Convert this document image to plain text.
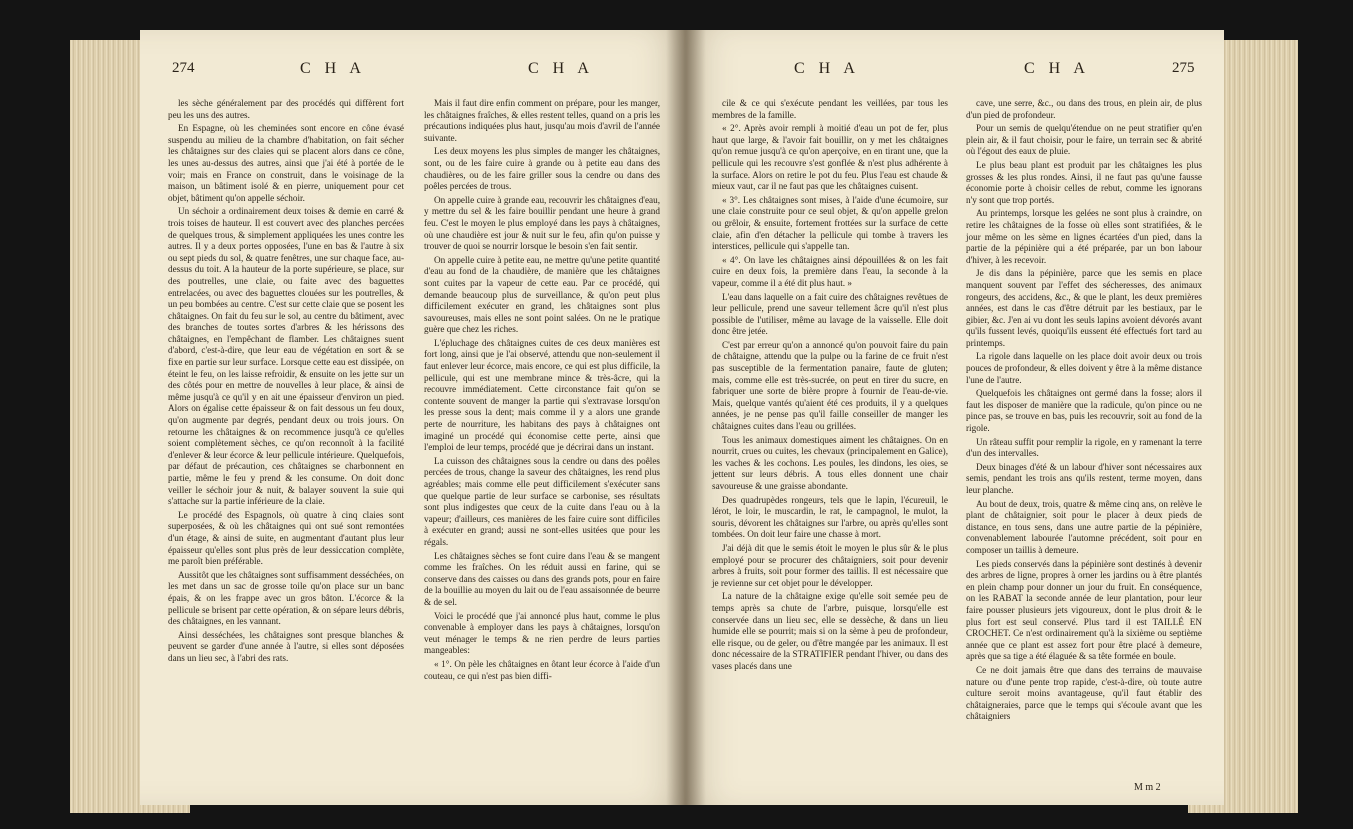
274	C H A	C H A

les sèche généralement par des procédés qui diffèrent fort peu les uns des autres.

En Espagne, où les cheminées sont encore en cône évasé suspendu au milieu de la chambre d'habitation, on fait sécher les châtaignes sur des claies qui se placent alors dans ce cône, les unes au-dessus des autres, ainsi que j'ai été à portée de le voir; mais en France on construit, dans le voisinage de la maison, un bâtiment isolé & en pierre, uniquement pour cet objet, bâtiment qu'on appelle séchoir.

Un séchoir a ordinairement deux toises & demie en carré & trois toises de hauteur. Il est couvert avec des planches percées de quelques trous, & simplement appliquées les unes contre les autres. Il y a deux portes opposées, l'une en bas & l'autre à six ou sept pieds du sol, & quatre fenêtres, une sur chaque face, au-dessus du toit. A la hauteur de la porte supérieure, se place, sur des poutrelles, une claie, ou faite avec des baguettes entrelacées, ou avec des baguettes clouées sur les poutrelles, & un peu bombées au centre. C'est sur cette claie que se posent les châtaignes. On fait du feu sur le sol, au centre du bâtiment, avec des branches de toutes sortes d'arbres & les hérissons des châtaignes, en l'empêchant de flamber. Les châtaignes suent d'abord, c'est-à-dire, que leur eau de végétation en sort & se fixe en partie sur leur surface. Lorsque cette eau est dissipée, on éteint le feu, on les laisse refroidir, & ensuite on les jette sur un des côtés pour en mettre de nouvelles à leur place, & ainsi de même jusqu'à ce qu'il y en ait une épaisseur d'environ un pied. Alors on égalise cette épaisseur & on fait dessous un feu doux, qu'on augmente par degrés, pendant deux ou trois jours. On retourne les châtaignes & on recommence jusqu'à ce qu'elles soient complètement sèches, ce qu'on reconnoît à la facilité d'enlever & leur écorce & leur pellicule intérieure. Quelquefois, par défaut de précaution, ces châtaignes se charbonnent en partie, même le feu y prend & les consume. On doit donc veiller le séchoir jour & nuit, & balayer souvent la suie qui s'attache sur la partie inférieure de la claie.

Le procédé des Espagnols, où quatre à cinq claies sont superposées, & où les châtaignes qui ont sué sont remontées d'un étage, & ainsi de suite, en augmentant d'autant plus leur épaisseur qu'elles sont plus près de leur dessiccation complète, me paroît bien préférable.

Aussitôt que les châtaignes sont suffisamment desséchées, on les met dans un sac de grosse toile qu'on place sur un banc épais, & on les frappe avec un gros bâton. L'écorce & la pellicule se brisent par cette opération, & on sépare leurs débris, des châtaignes, en les vannant.

Ainsi desséchées, les châtaignes sont presque blanches & peuvent se garder d'une année à l'autre, si elles sont déposées dans un lieu sec, à l'abri des rats.

Mais il faut dire enfin comment on prépare, pour les manger, les châtaignes fraîches, & elles restent telles, quand on a pris les précautions indiquées plus haut, jusqu'au mois d'avril de l'année suivante.

Les deux moyens les plus simples de manger les châtaignes, sont, ou de les faire cuire à grande ou à petite eau dans des chaudières, ou de les faire griller sous la cendre ou dans des poêles percées de trous.

On appelle cuire à grande eau, recouvrir les châtaignes d'eau, y mettre du sel & les faire bouillir pendant une heure à grand feu. C'est le moyen le plus employé dans les pays à châtaignes, où une chaudière est jour & nuit sur le feu, afin qu'on puisse y trouver de quoi se nourrir lorsque le besoin s'en fait sentir.

On appelle cuire à petite eau, ne mettre qu'une petite quantité d'eau au fond de la chaudière, de manière que les châtaignes sont cuites par la vapeur de cette eau. Par ce procédé, qui demande beaucoup plus de surveillance, & qu'on peut plus difficilement exécuter en grand, les châtaignes sont plus savoureuses, mais elles ne sont point salées. On ne le pratique guère que chez les riches.

L'épluchage des châtaignes cuites de ces deux manières est fort long, ainsi que je l'ai observé, attendu que non-seulement il faut enlever leur écorce, mais encore, ce qui est plus difficile, la pellicule, qui est une membrane mince & très-âcre, qui la recouvre immédiatement. Cette circonstance fait qu'on se contente souvent de manger la partie qui s'extravase lorsqu'on les presse sous la dent; mais comme il y a alors une grande perte de nourriture, les habitans des pays à châtaignes ont imaginé un procédé qui économise cette perte, ainsi que l'emploi de leur temps, procédé que je décrirai dans un instant.

La cuisson des châtaignes sous la cendre ou dans des poêles percées de trous, change la saveur des châtaignes, les rend plus agréables; mais comme elle peut difficilement s'exécuter sans que quelque partie de leur surface se carbonise, ses résultats sont plus indigestes que ceux de la cuite dans l'eau ou à la vapeur; d'ailleurs, ces manières de les faire cuire sont difficiles à exécuter en grand; aussi ne sont-elles usitées que pour les régals.

Les châtaignes sèches se font cuire dans l'eau & se mangent comme les fraîches. On les réduit aussi en farine, qui se conserve dans des caisses ou dans des grands pots, pour en faire de la bouillie au moyen du lait ou de l'eau assaisonnée de beurre & de sel.

Voici le procédé que j'ai annoncé plus haut, comme le plus convenable à employer dans les pays à châtaignes, lorsqu'on veut ménager le temps & ne rien perdre de leurs parties mangeables:

« 1°. On pèle les châtaignes en ôtant leur écorce à l'aide d'un couteau, ce qui n'est pas bien diffi-

C H A	C H A	275

cile & ce qui s'exécute pendant les veillées, par tous les membres de la famille.

« 2°. Après avoir rempli à moitié d'eau un pot de fer, plus haut que large, & l'avoir fait bouillir, on y met les châtaignes qu'on remue jusqu'à ce qu'on aperçoive, en en tirant une, que la pellicule qui les recouvre s'est gonflée & n'est plus adhérente à la surface. Alors on retire le pot du feu. Plus l'eau est chaude & mieux vaut, car il ne faut pas que les châtaignes cuisent.

« 3°. Les châtaignes sont mises, à l'aide d'une écumoire, sur une claie construite pour ce seul objet, & qu'on appelle grelon ou grêloir, & ensuite, fortement frottées sur la surface de cette claie, afin d'en détacher la pellicule qui tombe à travers les interstices, pellicule qui s'appelle tan.

« 4°. On lave les châtaignes ainsi dépouillées & on les fait cuire en deux fois, la première dans l'eau, la seconde à la vapeur, comme il a été dit plus haut. »

L'eau dans laquelle on a fait cuire des châtaignes revêtues de leur pellicule, prend une saveur tellement âcre qu'il n'est plus possible de l'utiliser, même au lavage de la vaisselle. Elle doit donc être jetée.

C'est par erreur qu'on a annoncé qu'on pouvoit faire du pain de châtaigne, attendu que la pulpe ou la farine de ce fruit n'est pas susceptible de la fermentation panaire, faute de gluten; mais, comme elle est très-sucrée, on peut en tirer du sucre, en fabriquer une sorte de bière propre à fournir de l'eau-de-vie. Mais, quelque vantés qu'aient été ces produits, il y a quelques années, je ne pense pas qu'il faille conseiller de manger les châtaignes cuites dans l'eau ou grillées.

Tous les animaux domestiques aiment les châtaignes. On en nourrit, crues ou cuites, les chevaux (principalement en Galice), les vaches & les cochons. Les poules, les dindons, les oies, se jettent sur leurs débris. A tous elles donnent une chair savoureuse & une graisse abondante.

Des quadrupèdes rongeurs, tels que le lapin, l'écureuil, le lérot, le loir, le muscardin, le rat, le campagnol, le mulot, la souris, dévorent les châtaignes sur l'arbre, ou après qu'elles sont tombées. On doit leur faire une chasse à mort.

J'ai déjà dit que le semis étoit le moyen le plus sûr & le plus employé pour se procurer des châtaigniers, soit pour devenir arbres à fruits, soit pour former des taillis. Il est nécessaire que je revienne sur cet objet pour le développer.

La nature de la châtaigne exige qu'elle soit semée peu de temps après sa chute de l'arbre, puisque, lorsqu'elle est conservée dans un lieu sec, elle se dessèche, & dans un lieu humide elle se pourrit; mais si on la sème à peu de profondeur, elle risque, ou de geler, ou d'être mangée par les animaux. Il est donc nécessaire de la STRATIFIER pendant l'hiver, ou dans des vases placés dans une

cave, une serre, &c., ou dans des trous, en plein air, de plus d'un pied de profondeur.

Pour un semis de quelqu'étendue on ne peut stratifier qu'en plein air, & il faut choisir, pour le faire, un terrain sec & abrité où l'égout des eaux de pluie.

Le plus beau plant est produit par les châtaignes les plus grosses & les plus rondes. Ainsi, il ne faut pas qu'une fausse économie porte à choisir celles de rebut, comme les ignorans n'y sont que trop portés.

Au printemps, lorsque les gelées ne sont plus à craindre, on retire les châtaignes de la fosse où elles sont stratifiées, & le jour même on les sème en lignes écartées d'un pied, dans la partie de la pépinière qui a été préparée, par un bon labour d'hiver, à les recevoir.

Je dis dans la pépinière, parce que les semis en place manquent souvent par l'effet des sécheresses, des animaux rongeurs, des accidens, &c., & que le plant, les deux premières années, est dans le cas d'être détruit par les bestiaux, par le gibier, &c. J'en ai vu dont les seuls lapins avoient dévorés avant qu'ils fussent levés, quoiqu'ils eussent été effectués fort tard au printemps.

La rigole dans laquelle on les place doit avoir deux ou trois pouces de profondeur, & elles doivent y être à la même distance l'une de l'autre.

Quelquefois les châtaignes ont germé dans la fosse; alors il faut les disposer de manière que la radicule, qu'on pince ou ne pince pas, se trouve en bas, puis les recouvrir, soit au fond de la rigole.

Un râteau suffit pour remplir la rigole, en y ramenant la terre d'un des intervalles.

Deux binages d'été & un labour d'hiver sont nécessaires aux semis, pendant les trois ans qu'ils restent, terme moyen, dans leur planche.

Au bout de deux, trois, quatre & même cinq ans, on relève le plant de châtaignier, soit pour le placer à deux pieds de distance, en tous sens, dans une autre partie de la pépinière, convenablement labourée l'automne précédent, soit pour en composer un taillis à demeure.

Les pieds conservés dans la pépinière sont destinés à devenir des arbres de ligne, propres à orner les jardins ou à être plantés en plein champ pour donner un jour du fruit. En conséquence, on les RABAT la seconde année de leur plantation, pour leur faire pousser plusieurs jets vigoureux, dont le plus droit & le plus fort est seul conservé. Plus tard il est TAILLÉ EN CROCHET. Ce n'est ordinairement qu'à la sixième ou septième année que ce plant est assez fort pour être placé à demeure, après que sa tige a été élaguée & sa tête formée en boule.

Ce ne doit jamais être que dans des terrains de mauvaise nature ou d'une pente trop rapide, c'est-à-dire, où toute autre culture seroit moins avantageuse, qu'il faut établir des châtaigneraies, parce que le temps qui s'écoule avant que les châtaigniers

M m 2
